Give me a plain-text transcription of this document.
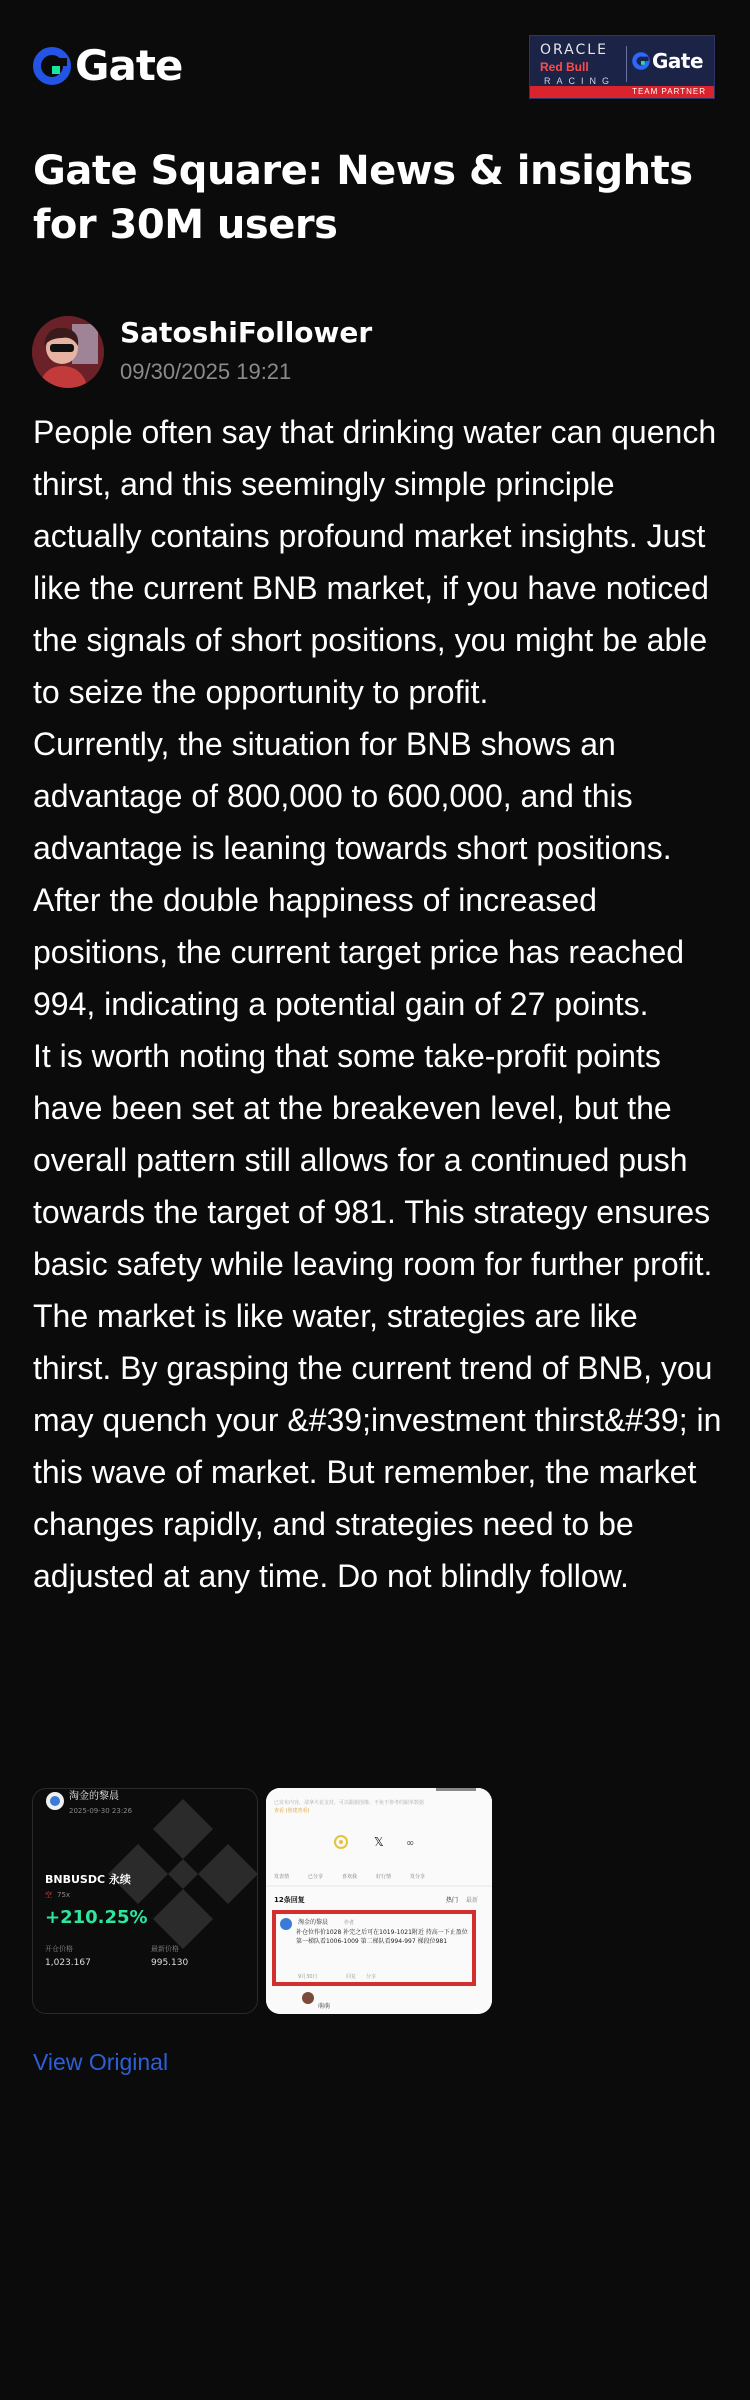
Gate	ORACLE
Red Bull
RACING
Gate
TEAM PARTNER
Gate Square: News & insights for 30M users
SatoshiFollower
09/30/2025 19:21

People often say that drinking water can quench thirst, and this seemingly simple principle actually contains profound market insights. Just like the current BNB market, if you have noticed the signals of short positions, you might be able to seize the opportunity to profit.

Currently, the situation for BNB shows an advantage of 800,000 to 600,000, and this advantage is leaning towards short positions. After the double happiness of increased positions, the current target price has reached 994, indicating a potential gain of 27 points.

It is worth noting that some take-profit points have been set at the breakeven level, but the overall pattern still allows for a continued push towards the target of 981. This strategy ensures basic safety while leaving room for further profit.

The market is like water, strategies are like thirst. By grasping the current trend of BNB, you may quench your &#39;investment thirst&#39; in this wave of market. But remember, the market changes rapidly, and strategies need to be adjusted at any time. Do not blindly follow.

淘金的黎晨
2025-09-30 23:26
BNBUSDC 永续
空 75x
+210.25%
开仓价格	最新价格
1,023.167	995.130
已发布内容，请拿火花支持，可以跟据图像，不免不参考的跟单数据
查看 (创建查看)
𝕏 ∞
发表情	已分享	喜欢我	好行情	发分享
12条回复	热门 最新
淘金的黎晨	作者
补仓位作价1028 补完之后可在1019-1021附近 持高一下止盈位 第一梯队看1006-1009 第二梯队看994-997 梯段位981
9月30日	回复 分享
萌萌
View Original
